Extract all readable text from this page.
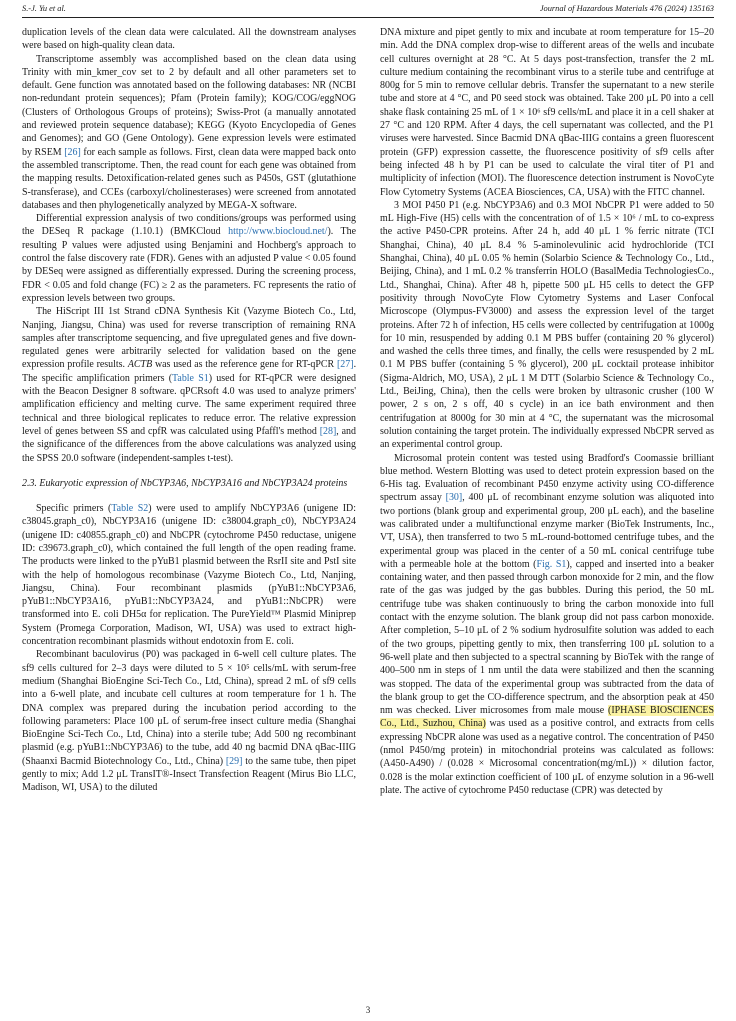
S.-J. Yu et al.	Journal of Hazardous Materials 476 (2024) 135163

duplication levels of the clean data were calculated. All the downstream analyses were based on high-quality clean data.

Transcriptome assembly was accomplished based on the clean data using Trinity with min_kmer_cov set to 2 by default and all other parameters set to default. Gene function was annotated based on the following databases: NR (NCBI non-redundant protein sequences); Pfam (Protein family); KOG/COG/eggNOG (Clusters of Orthologous Groups of proteins); Swiss-Prot (a manually annotated and reviewed protein sequence database); KEGG (Kyoto Encyclopedia of Genes and Genomes); and GO (Gene Ontology). Gene expression levels were estimated by RSEM [26] for each sample as follows. First, clean data were mapped back onto the assembled transcriptome. Then, the read count for each gene was obtained from the mapping results. Detoxification-related genes such as P450s, GST (glutathione S-transferase), and CCEs (carboxyl/cholinesterases) were screened from annotated databases and then phylogenetically analyzed by MEGA-X software.

Differential expression analysis of two conditions/groups was performed using the DESeq R package (1.10.1) (BMKCloud http://www.biocloud.net/). The resulting P values were adjusted using Benjamini and Hochberg's approach to control the false discovery rate (FDR). Genes with an adjusted P value < 0.05 found by DESeq were assigned as differentially expressed. During the screening process, FDR < 0.05 and fold change (FC) ≥ 2 as the parameters. FC represents the ratio of expression levels between two groups.

The HiScript III 1st Strand cDNA Synthesis Kit (Vazyme Biotech Co., Ltd, Nanjing, Jiangsu, China) was used for reverse transcription of remaining RNA samples after transcriptome sequencing, and five upregulated genes and five down-regulated genes were arbitrarily selected for validation based on the gene expression profile results. ACTB was used as the reference gene for RT-qPCR [27]. The specific amplification primers (Table S1) used for RT-qPCR were designed with the Beacon Designer 8 software. qPCRsoft 4.0 was used to analyze primers' amplification efficiency and melting curve. The same experiment required three technical and three biological replicates to reduce error. The relative expression level of genes between SS and cpfR was calculated using Pfaffl's method [28], and the significance of the differences from the above calculations was analyzed using the SPSS 20.0 software (independent-samples t-test).

2.3. Eukaryotic expression of NbCYP3A6, NbCYP3A16 and NbCYP3A24 proteins

Specific primers (Table S2) were used to amplify NbCYP3A6 (unigene ID: c38045.graph_c0), NbCYP3A16 (unigene ID: c38004.graph_c0), NbCYP3A24 (unigene ID: c40855.graph_c0) and NbCPR (cytochrome P450 reductase, unigene ID: c39673.graph_c0), which contained the full length of the open reading frame. The products were linked to the pYuB1 plasmid between the RsrII site and PstI site with the help of homologous recombinase (Vazyme Biotech Co., Ltd, Nanjing, Jiangsu, China). Four recombinant plasmids (pYuB1::NbCYP3A6, pYuB1::NbCYP3A16, pYuB1::NbCYP3A24, and pYuB1::NbCPR) were transformed into E. coli DH5α for replication. The PureYield™ Plasmid Miniprep System (Promega Corporation, Madison, WI, USA) was used to extract high-concentration recombinant plasmids without endotoxin from E. coli.

Recombinant baculovirus (P0) was packaged in 6-well cell culture plates. The sf9 cells cultured for 2–3 days were diluted to 5 × 10⁵ cells/mL with serum-free medium (Shanghai BioEngine Sci-Tech Co., Ltd, China), spread 2 mL of sf9 cells into a 6-well plate, and incubate cell cultures at room temperature for 1 h. The DNA complex was prepared during the incubation period according to the following parameters: Place 100 μL of serum-free insect culture media (Shanghai BioEngine Sci-Tech Co., Ltd, China) into a sterile tube; Add 500 ng recombinant plasmid (e.g. pYuB1::NbCYP3A6) to the tube, add 40 ng bacmid DNA qBac-IIIG (Shaanxi Bacmid Biotechnology Co., Ltd., China) [29] to the same tube, then pipet gently to mix; Add 1.2 μL TransIT®-Insect Transfection Reagent (Mirus Bio LLC, Madison, WI, USA) to the diluted

DNA mixture and pipet gently to mix and incubate at room temperature for 15–20 min. Add the DNA complex drop-wise to different areas of the wells and incubate cell cultures overnight at 28 °C. At 5 days post-transfection, transfer the 2 mL culture medium containing the recombinant virus to a sterile tube and centrifuge at 800g for 5 min to remove cellular debris. Transfer the supernatant to a new sterile tube and store at 4 °C, and P0 seed stock was obtained. Take 200 μL P0 into a cell shake flask containing 25 mL of 1 × 10⁶ sf9 cells/mL and place it in a cell shaker at 27 °C and 120 RPM. After 4 days, the cell supernatant was collected, and the P1 viruses were harvested. Since Bacmid DNA qBac-IIIG contains a green fluorescent protein (GFP) expression cassette, the fluorescence positivity of sf9 cells after being infected 48 h by P1 can be used to calculate the viral titer of P1 and multiplicity of infection (MOI). The fluorescence detection instrument is NovoCyte Flow Cytometry Systems (ACEA Biosciences, CA, USA) with the FITC channel.

3 MOI P450 P1 (e.g. NbCYP3A6) and 0.3 MOI NbCPR P1 were added to 50 mL High-Five (H5) cells with the concentration of of 1.5 × 10⁶ / mL to co-express the active P450-CPR proteins. After 24 h, add 40 μL 1 % ferric nitrate (TCI Shanghai, China), 40 μL 8.4 % 5-aminolevulinic acid hydrochloride (TCI Shanghai, China), 40 μL 0.05 % hemin (Solarbio Science & Technology Co., Ltd., Beijing, China), and 1 mL 0.2 % transferrin HOLO (BasalMedia TechnologiesCo., Ltd., Shanghai, China). After 48 h, pipette 500 μL H5 cells to detect the GFP positivity through NovoCyte Flow Cytometry Systems and Laser Confocal Microscope (Olympus-FV3000) and assess the expression level of the target proteins. After 72 h of infection, H5 cells were collected by centrifugation at 1000g for 10 min, resuspended by adding 0.1 M PBS buffer (containing 20 % glycerol) and washed the cells three times, and finally, the cells were resuspended by 2 mL 0.1 M PBS buffer (containing 5 % glycerol), 200 μL cocktail protease inhibitor (Sigma-Aldrich, MO, USA), 2 μL 1 M DTT (Solarbio Science & Technology Co., Ltd., BeiJing, China), then the cells were broken by ultrasonic crusher (100 W power, 2 s on, 2 s off, 40 s cycle) in an ice bath environment and then centrifugation at 8000g for 30 min at 4 °C, the supernatant was the microsomal solution containing the target protein. The individually expressed NbCPR served as an experimental control group.

Microsomal protein content was tested using Bradford's Coomassie brilliant blue method. Western Blotting was used to detect protein expression based on the 6-His tag. Evaluation of recombinant P450 enzyme activity using CO-difference spectrum assay [30], 400 μL of recombinant enzyme solution was aliquoted into two portions (blank group and experimental group, 200 μL each), and the baseline was calibrated under a multifunctional enzyme marker (BioTek Instruments, Inc., VT, USA), then transferred to two 5 mL-round-bottomed centrifuge tubes, and the experimental group was placed in the center of a 50 mL conical centrifuge tube with a permeable hole at the bottom (Fig. S1), capped and inserted into a beaker containing water, and then passed through carbon monoxide for 2 min, and the flow rate of the gas was judged by the gas bubbles. During this period, the 50 mL centrifuge tube was shaken continuously to bring the carbon monoxide into full contact with the enzyme solution. The blank group did not pass carbon monoxide. After completion, 5–10 μL of 2 % sodium hydrosulfite solution was added to each of the two groups, pipetting gently to mix, then transferring 100 μL solution to a 96-well plate and then subjected to a spectral scanning by BioTek with the range of 400–500 nm in steps of 1 nm until the data were stabilized and then the scanning was stopped. The data of the experimental group was subtracted from the data of the blank group to get the CO-difference spectrum, and the absorption peak at 450 nm was checked. Liver microsomes from male mouse (IPHASE BIOSCIENCES Co., Ltd., Suzhou, China) was used as a positive control, and extracts from cells expressing NbCPR alone was used as a negative control. The concentration of P450 (nmol P450/mg protein) in mitochondrial proteins was calculated as follows: (A450-A490) / (0.028 × Microsomal concentration(mg/mL)) × dilution factor, 0.028 is the molar extinction coefficient of 100 μL of enzyme solution in a 96-well plate. The active of cytochrome P450 reductase (CPR) was detected by

3
